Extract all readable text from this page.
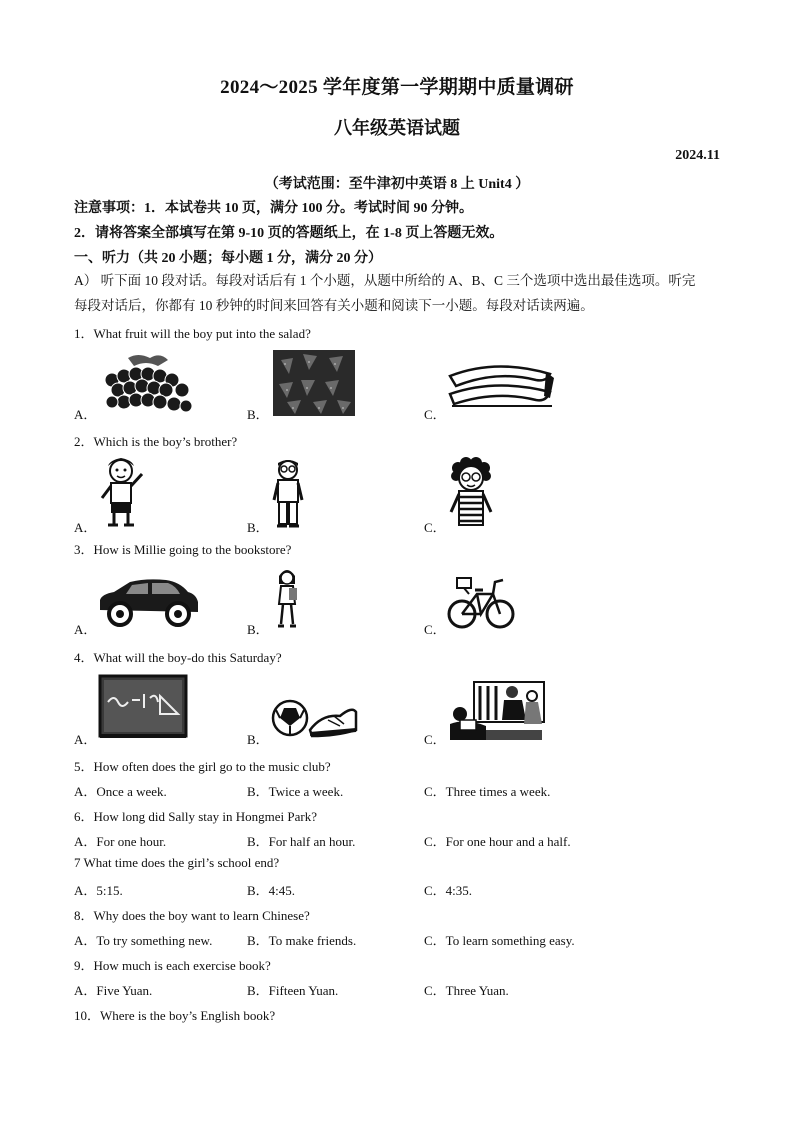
2024～2025 学年度第一学期期中质量调研
八年级英语试题
2024.11
（考试范围：至牛津初中英语 8 上 Unit4 ）
注意事项：1．本试卷共 10 页，满分 100 分。考试时间 90 分钟。
2．请将答案全部填写在第 9-10 页的答题纸上，在 1-8 页上答题无效。
一、听力（共 20 小题；每小题 1 分，满分 20 分）
A） 听下面 10 段对话。每段对话后有 1 个小题，从题中所给的 A、B、C 三个选项中选出最佳选项。听完
每段对话后，你都有 10 秒钟的时间来回答有关小题和阅读下一小题。每段对话读两遍。
1．What fruit will the boy put into the salad?
A．	B．	C．
2．Which is the boy’s brother?
A．	B．	C．
3．How is Millie going to the bookstore?
A．	B．	C．
4．What will the boy-do this Saturday?
A．	B．	C．
5．How often does the girl go to the music club?
A．Once a week.	B．Twice a week.	C．Three times a week.
6．How long did Sally stay in Hongmei Park?
A．For one hour.	B．For half an hour.	C．For one hour and a half.
7 What time does the girl’s school end?
A．5:15.	B．4:45.	C．4:35.
8．Why does the boy want to learn Chinese?
A．To try something new.	B．To make friends.	C．To learn something easy.
9．How much is each exercise book?
A．Five Yuan.	B．Fifteen Yuan.	C．Three Yuan.
10．Where is the boy’s English book?
